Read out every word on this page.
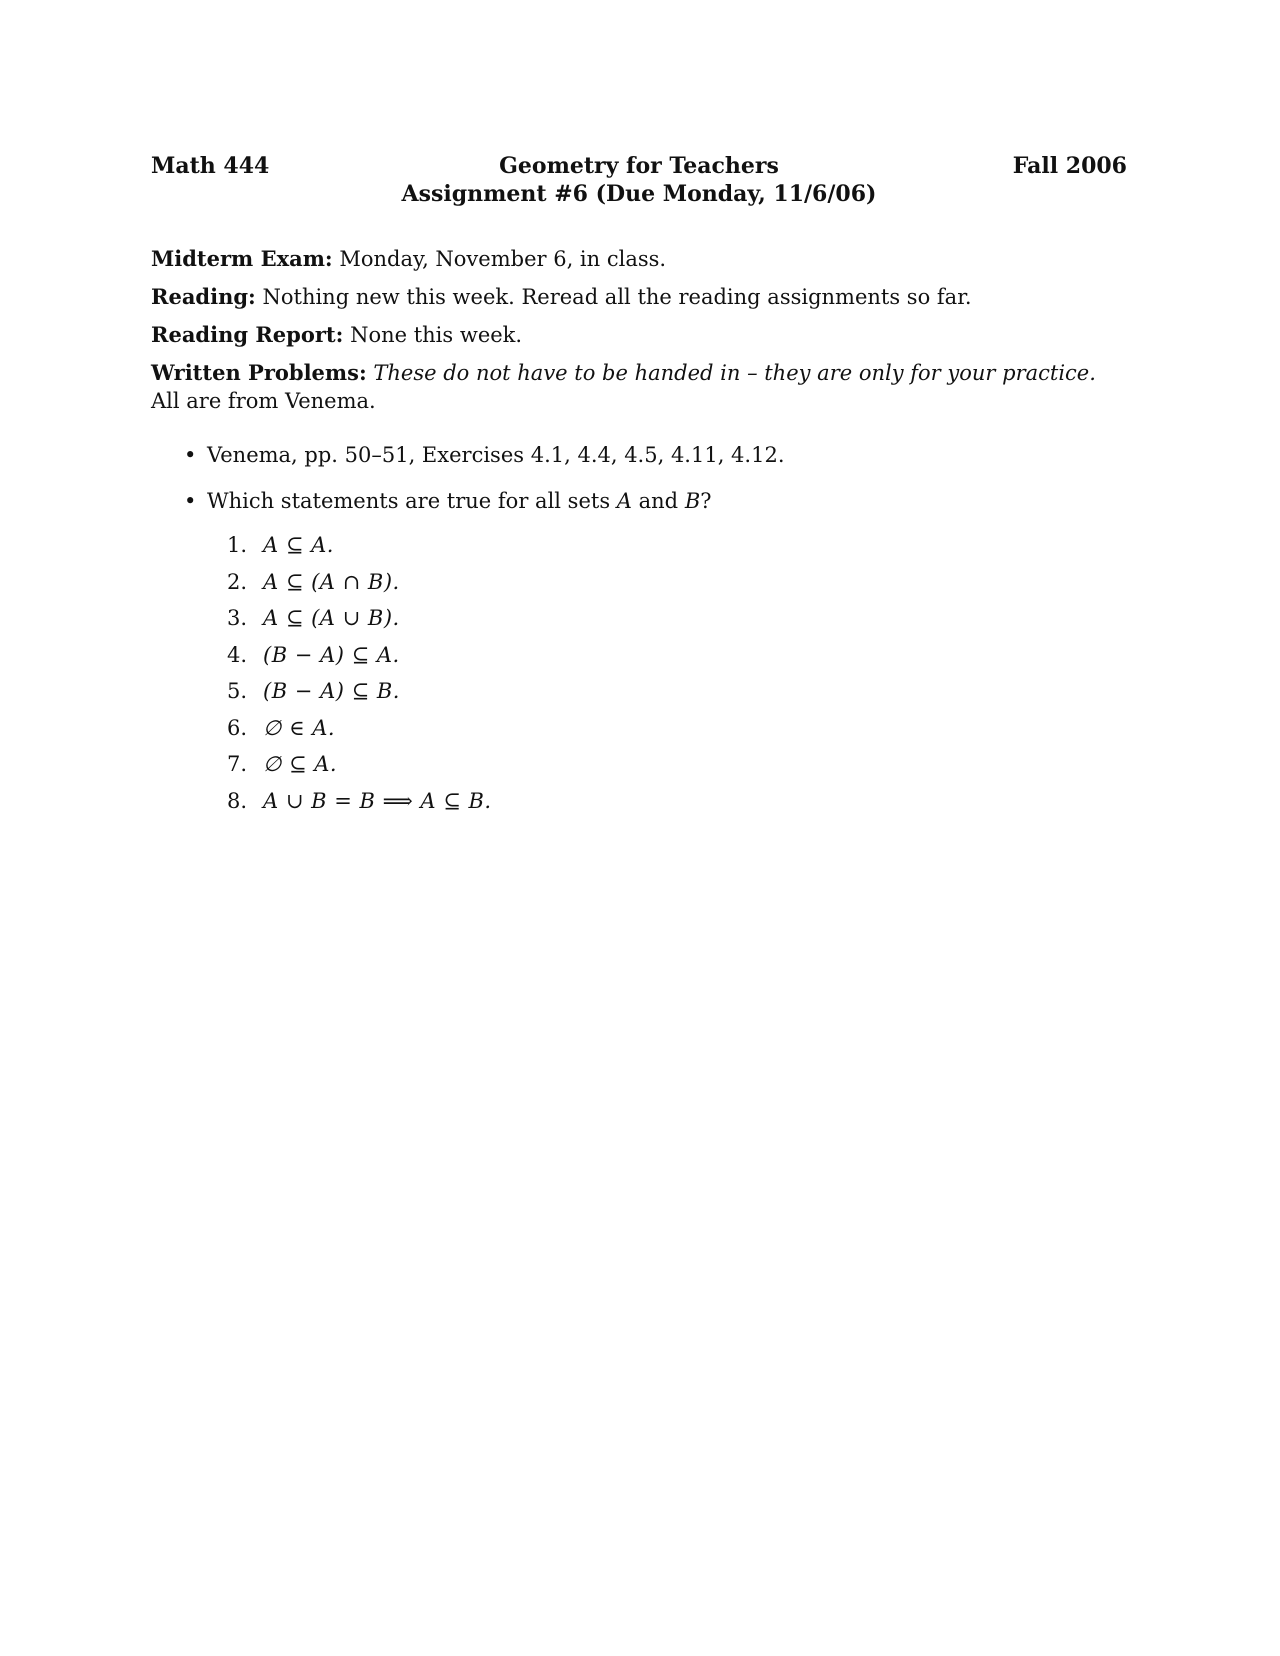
Math 444	Geometry for Teachers
Assignment #6 (Due Monday, 11/6/06)
Fall 2006

Midterm Exam: Monday, November 6, in class.

Reading: Nothing new this week. Reread all the reading assignments so far.

Reading Report: None this week.

Written Problems: These do not have to be handed in – they are only for your practice. All are from Venema.

• Venema, pp. 50–51, Exercises 4.1, 4.4, 4.5, 4.11, 4.12.
• Which statements are true for all sets A and B?
1. A ⊆ A.
2. A ⊆ (A ∩ B).
3. A ⊆ (A ∪ B).
4. (B − A) ⊆ A.
5. (B − A) ⊆ B.
6. ∅ ∈ A.
7. ∅ ⊆ A.
8. A ∪ B = B ⟹ A ⊆ B.
